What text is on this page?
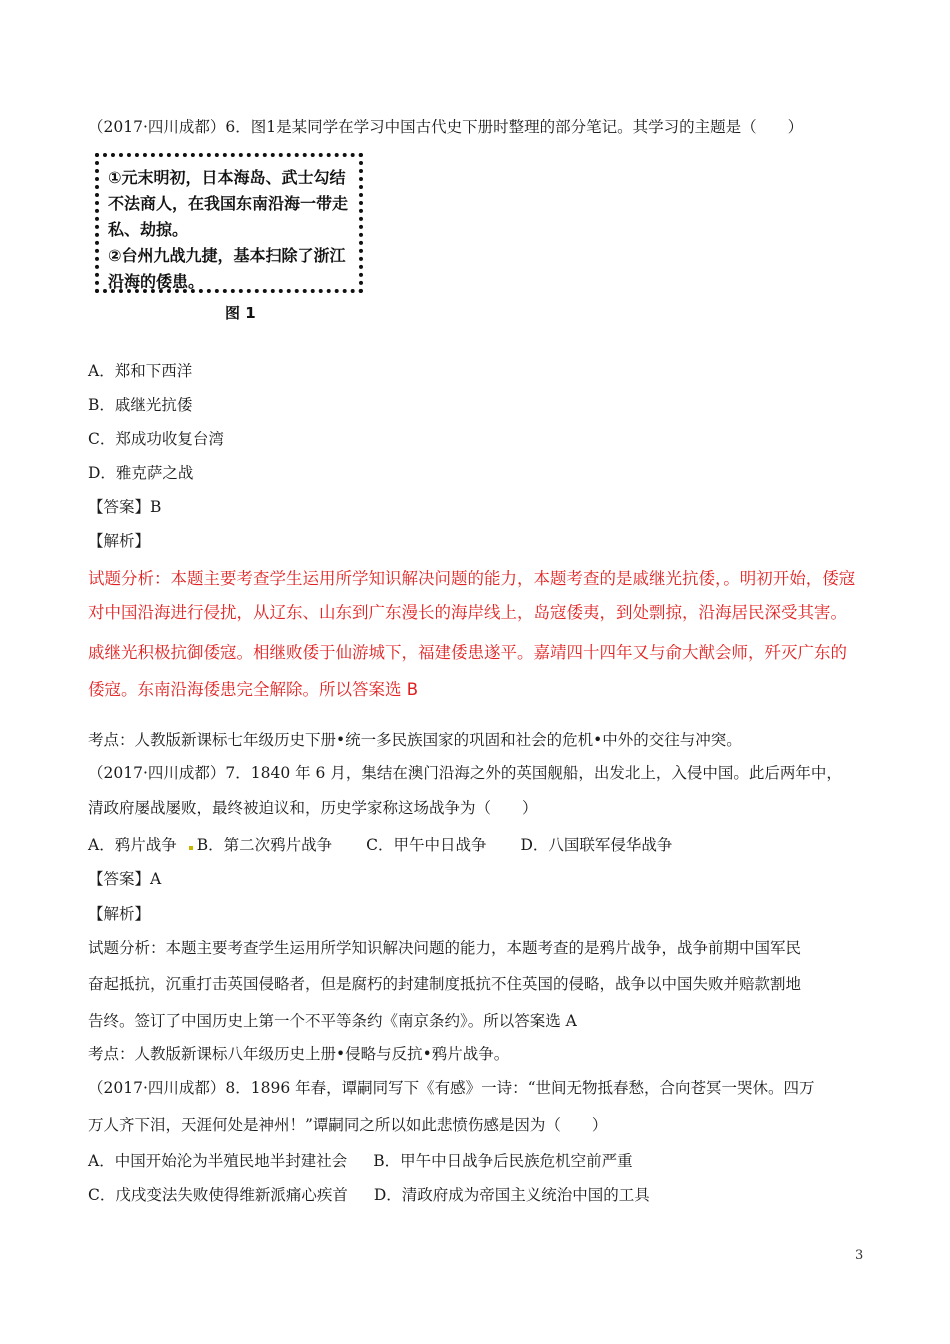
（2017·四川成都）6．图1是某同学在学习中国古代史下册时整理的部分笔记。其学习的主题是（　　）
①元末明初，日本海岛、武士勾结
不法商人，在我国东南沿海一带走
私、劫掠。
②台州九战九捷，基本扫除了浙江
沿海的倭患。
图 1
A．郑和下西洋
B．戚继光抗倭
C．郑成功收复台湾
D．雅克萨之战
【答案】B
【解析】
试题分析：本题主要考查学生运用所学知识解决问题的能力，本题考查的是戚继光抗倭，。明初开始，倭寇
对中国沿海进行侵扰，从辽东、山东到广东漫长的海岸线上，岛寇倭夷，到处剽掠，沿海居民深受其害。
戚继光积极抗御倭寇。相继败倭于仙游城下，福建倭患遂平。嘉靖四十四年又与俞大猷会师，歼灭广东的
倭寇。东南沿海倭患完全解除。所以答案选 B
考点：人教版新课标七年级历史下册•统一多民族国家的巩固和社会的危机•中外的交往与冲突。
（2017·四川成都）7．1840 年 6 月，集结在澳门沿海之外的英国舰船，出发北上，入侵中国。此后两年中，
清政府屡战屡败，最终被迫议和，历史学家称这场战争为（　　）
A．鸦片战争 B．第二次鸦片战争 C．甲午中日战争 D．八国联军侵华战争
【答案】A
【解析】
试题分析：本题主要考查学生运用所学知识解决问题的能力，本题考查的是鸦片战争，战争前期中国军民
奋起抵抗，沉重打击英国侵略者，但是腐朽的封建制度抵抗不住英国的侵略，战争以中国失败并赔款割地
告终。签订了中国历史上第一个不平等条约《南京条约》。所以答案选 A
考点：人教版新课标八年级历史上册•侵略与反抗•鸦片战争。
（2017·四川成都）8．1896 年春，谭嗣同写下《有感》一诗：“世间无物抵春愁，合向苍冥一哭休。四万
万人齐下泪，天涯何处是神州！”谭嗣同之所以如此悲愤伤感是因为（　　）
A．中国开始沦为半殖民地半封建社会 B．甲午中日战争后民族危机空前严重
C．戊戌变法失败使得维新派痛心疾首 D．清政府成为帝国主义统治中国的工具
3
